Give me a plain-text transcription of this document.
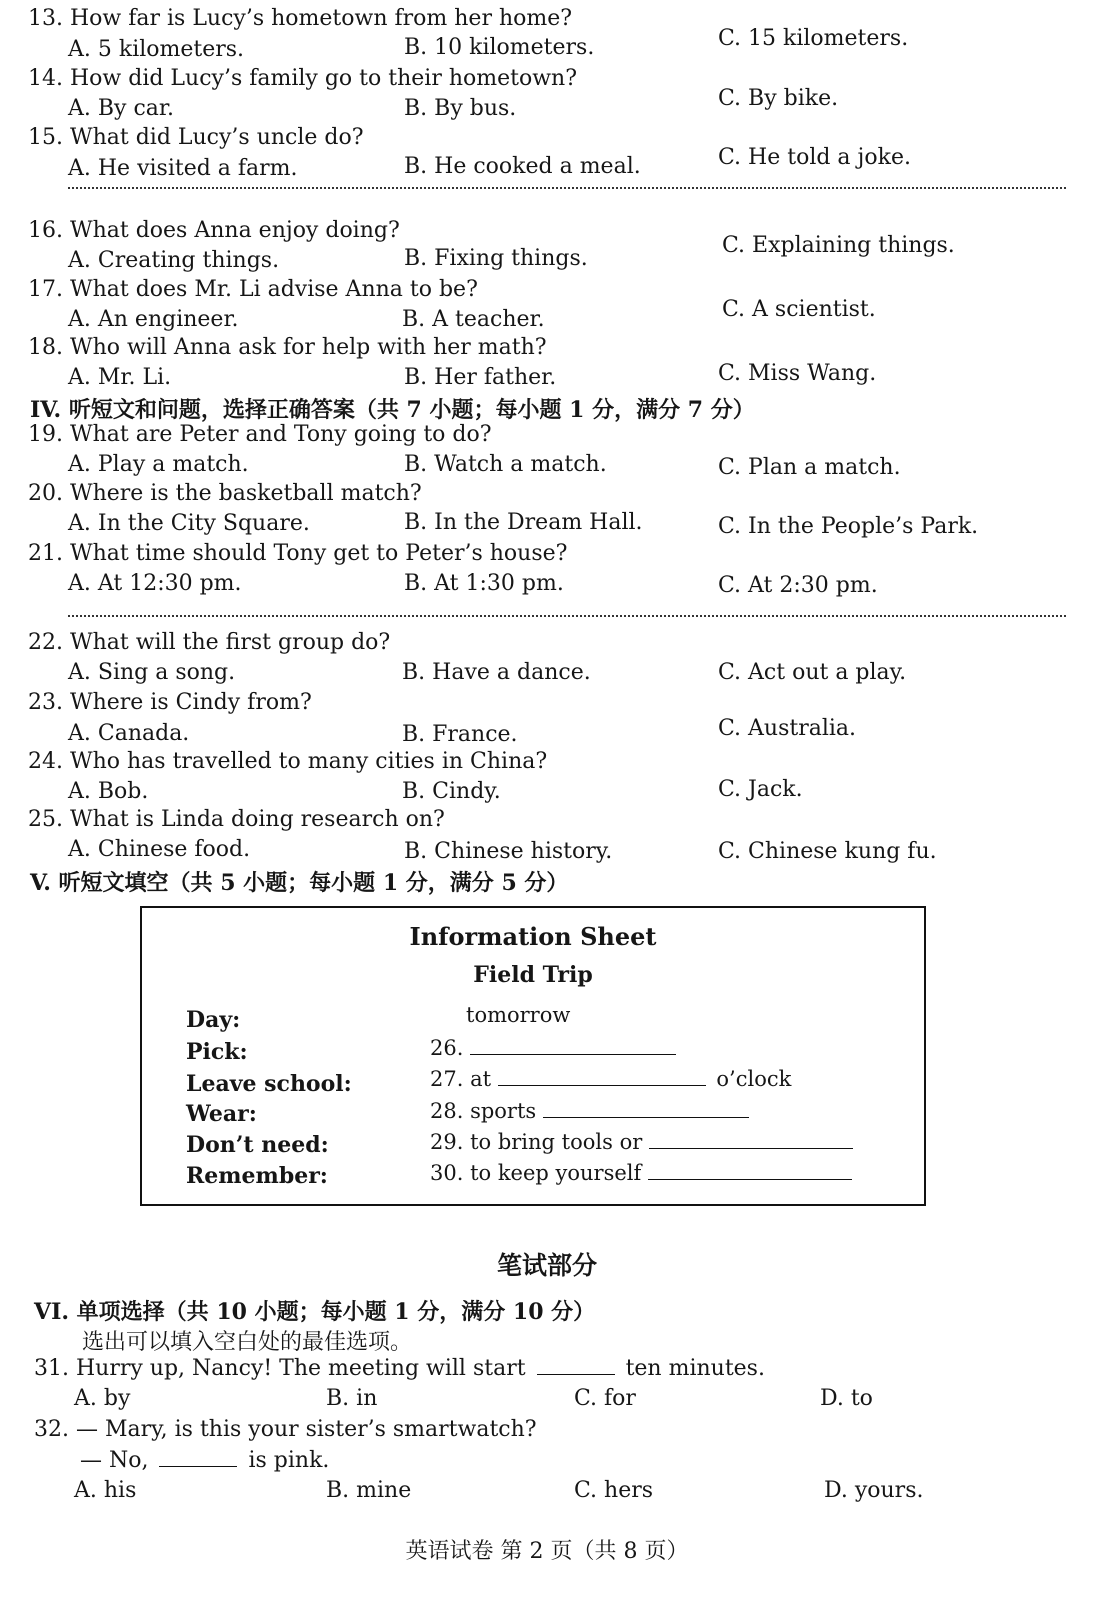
13. How far is Lucy’s hometown from her home?
A. 5 kilometers.	B. 10 kilometers.	C. 15 kilometers.
14. How did Lucy’s family go to their hometown?
A. By car.	B. By bus.	C. By bike.
15. What did Lucy’s uncle do?
A. He visited a farm.	B. He cooked a meal.	C. He told a joke.
16. What does Anna enjoy doing?
A. Creating things.	B. Fixing things.
C. Explaining things.
17. What does Mr. Li advise Anna to be?
A. An engineer.	B. A teacher.	C. A scientist.
18. Who will Anna ask for help with her math?
A. Mr. Li.	B. Her father.	C. Miss Wang.
IV. 听短文和问题，选择正确答案（共 7 小题；每小题 1 分，满分 7 分）
19. What are Peter and Tony going to do?
A. Play a match.	B. Watch a match.	C. Plan a match.
20. Where is the basketball match?
A. In the City Square.	B. In the Dream Hall.	C. In the People’s Park.
21. What time should Tony get to Peter’s house?
A. At 12:30 pm.	B. At 1:30 pm.	C. At 2:30 pm.
22. What will the first group do?
A. Sing a song.	B. Have a dance.	C. Act out a play.
23. Where is Cindy from?
A. Canada.	B. France.	C. Australia.
24. Who has travelled to many cities in China?
A. Bob.	B. Cindy.	C. Jack.
25. What is Linda doing research on?
A. Chinese food.	B. Chinese history.	C. Chinese kung fu.
V. 听短文填空（共 5 小题；每小题 1 分，满分 5 分）
Information Sheet
Field Trip
Day:	tomorrow
Pick:	26.
Leave school:	27. at	o’clock
Wear:	28. sports
Don’t need:	29. to bring tools or
Remember:	30. to keep yourself
笔试部分
VI. 单项选择（共 10 小题；每小题 1 分，满分 10 分）
选出可以填入空白处的最佳选项。
31. Hurry up, Nancy! The meeting will start	ten minutes.
A. by	B. in	C. for	D. to
32. — Mary, is this your sister’s smartwatch?
— No,	is pink.
A. his	B. mine	C. hers	D. yours.
英语试卷 第 2 页（共 8 页）
